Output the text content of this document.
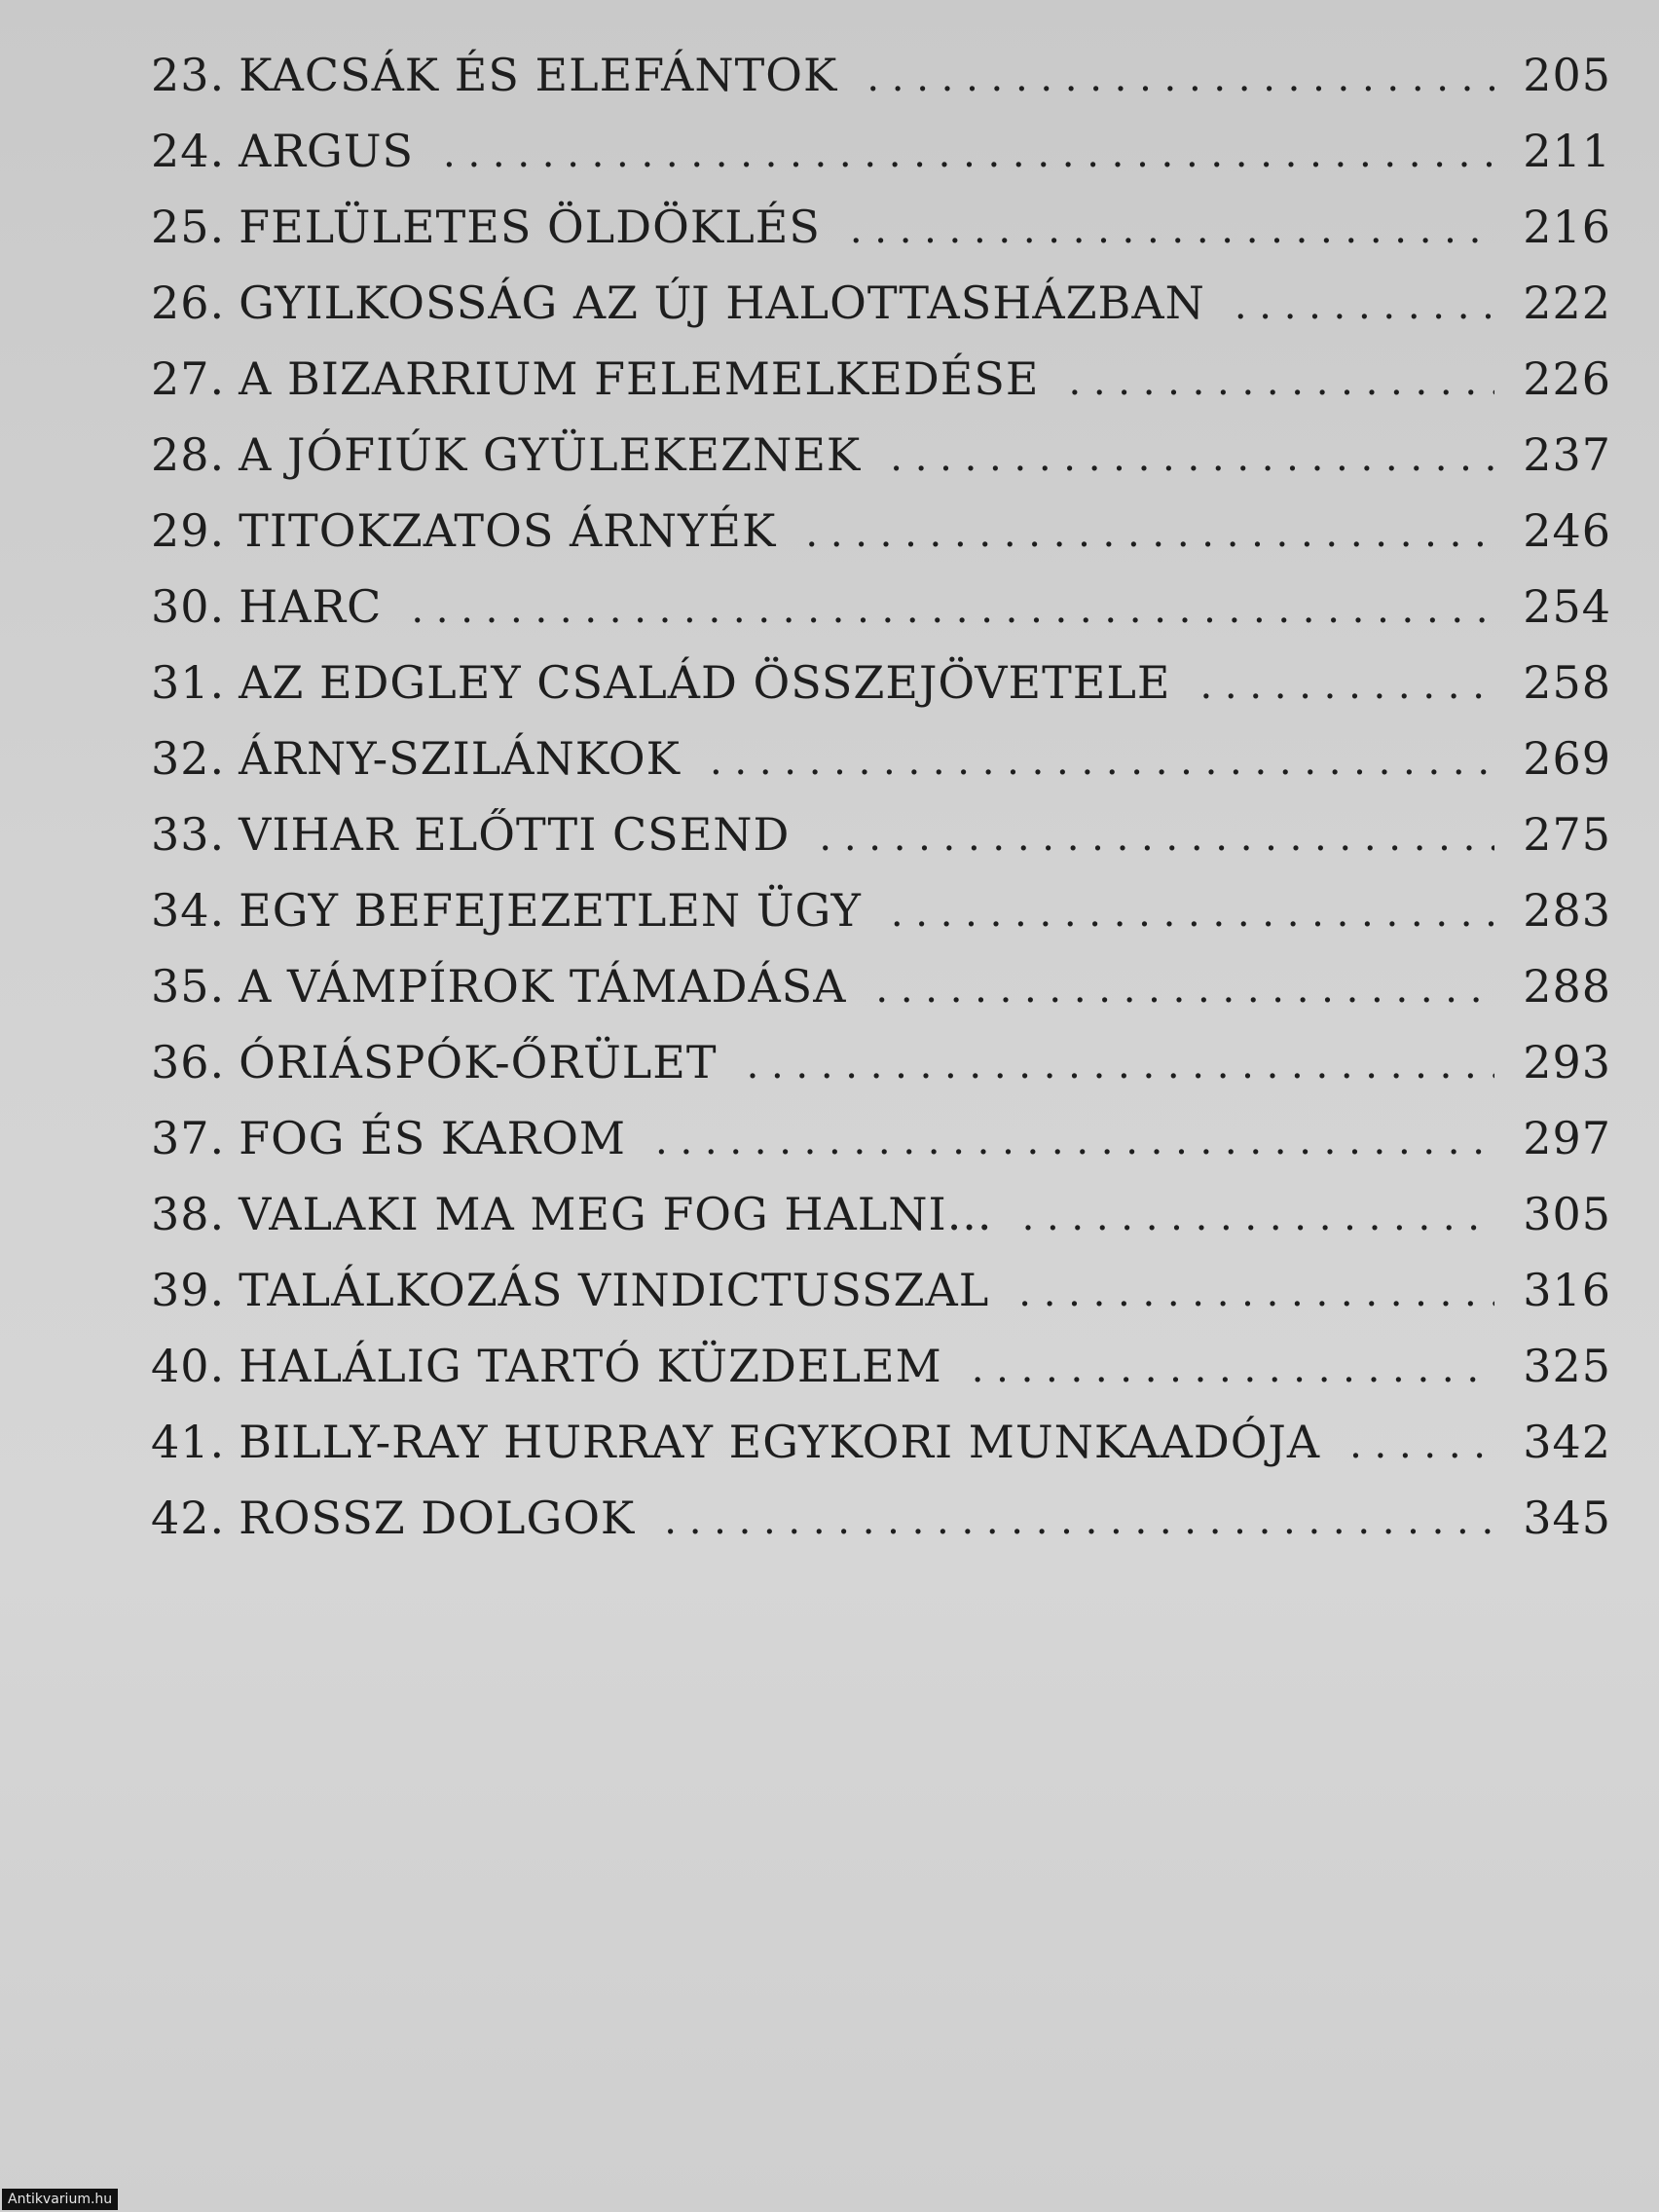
23. KACSÁK ÉS ELEFÁNTOK . . .	205
24. ARGUS . . .	211
25. FELÜLETES ÖLDÖKLÉS . . .	216
26. GYILKOSSÁG AZ ÚJ HALOTTASHÁZBAN . . .	222
27. A BIZARRIUM FELEMELKEDÉSE . . .	226
28. A JÓFIÚK GYÜLEKEZNEK . . .	237
29. TITOKZATOS ÁRNYÉK . . .	246
30. HARC . . .	254
31. AZ EDGLEY CSALÁD ÖSSZEJÖVETELE . . .	258
32. ÁRNY-SZILÁNKOK . . .	269
33. VIHAR ELŐTTI CSEND . . .	275
34. EGY BEFEJEZETLEN ÜGY . . .	283
35. A VÁMPÍROK TÁMADÁSA . . .	288
36. ÓRIÁSPÓK-ŐRÜLET . . .	293
37. FOG ÉS KAROM . . .	297
38. VALAKI MA MEG FOG HALNI... . . .	305
39. TALÁLKOZÁS VINDICTUSSZAL . . .	316
40. HALÁLIG TARTÓ KÜZDELEM . . .	325
41. BILLY-RAY HURRAY EGYKORI MUNKAADÓJA . . .	342
42. ROSSZ DOLGOK . . .	345
Antikvarium.hu
